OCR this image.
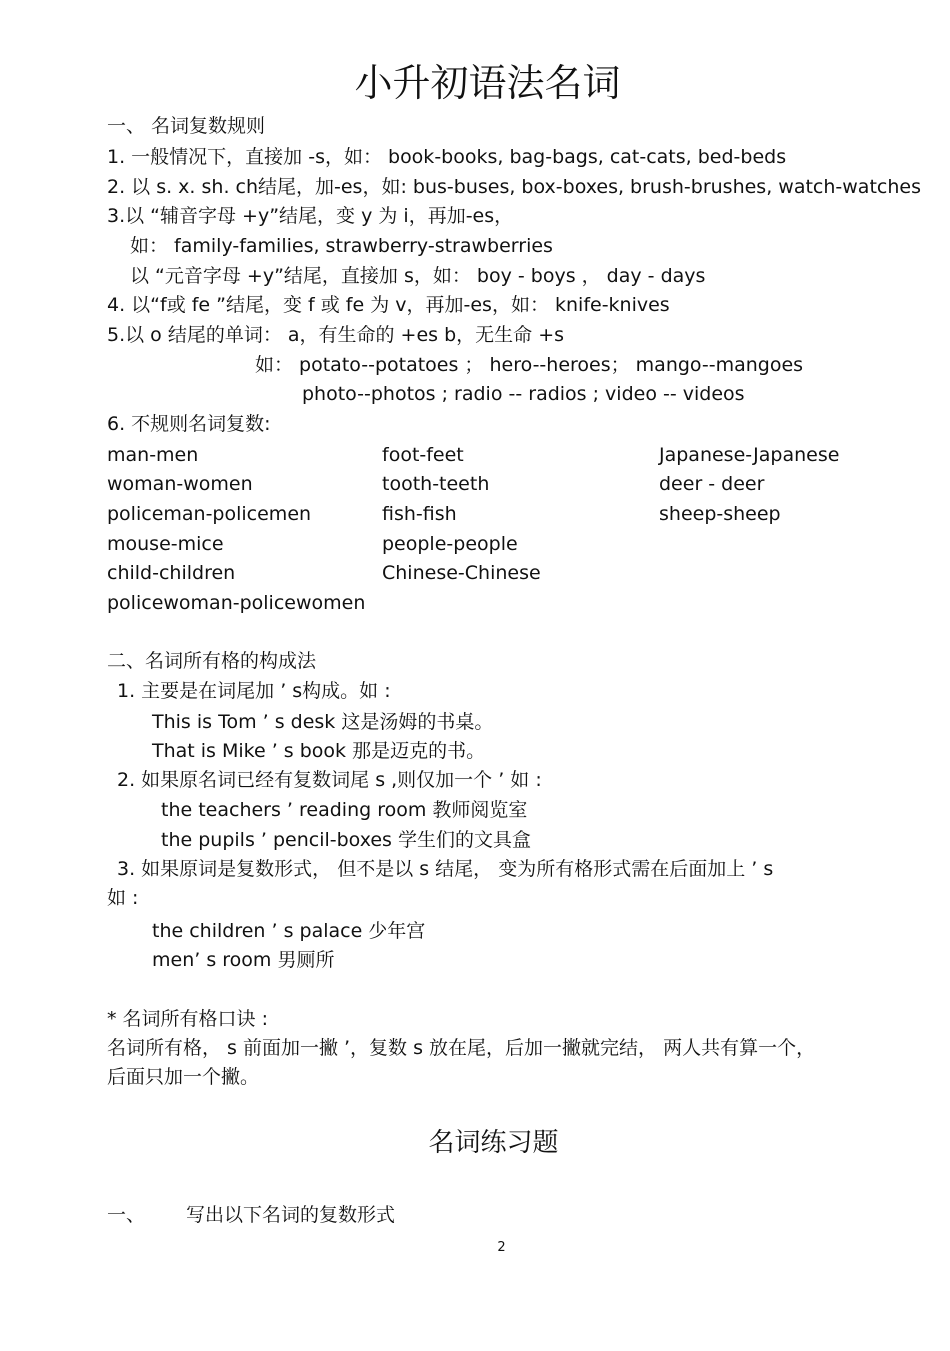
小升初语法名词
一、 名词复数规则
1. 一般情况下，直接加 -s，如： book-books, bag-bags, cat-cats, bed-beds
2. 以 s. x. sh. ch结尾，加-es，如: bus-buses, box-boxes, brush-brushes, watch-watches
3.以 “辅音字母 +y”结尾，变 y 为 i，再加-es，
如： family-families, strawberry-strawberries
以 “元音字母 +y”结尾，直接加 s，如： boy - boys ， day - days
4. 以“f或 fe ”结尾，变 f 或 fe 为 v，再加-es，如： knife-knives
5.以 o 结尾的单词： a，有生命的 +es b，无生命 +s
如： potato--potatoes ； hero--heroes； mango--mangoes
photo--photos ; radio -- radios ; video -- videos
6. 不规则名词复数:
man-men
woman-women
policeman-policemen
mouse-mice
child-children
policewoman-policewomen
foot-feet
tooth-teeth
fish-fish
people-people
Chinese-Chinese
Japanese-Japanese
deer - deer
sheep-sheep
二、名词所有格的构成法
1. 主要是在词尾加 ’ s构成。如 :
This is Tom ’ s desk 这是汤姆的书桌。
That is Mike ’ s book 那是迈克的书。
2. 如果原名词已经有复数词尾 s ,则仅加一个 ’ 如 :
the teachers ’ reading room 教师阅览室
the pupils ’ pencil-boxes 学生们的文具盒
3. 如果原词是复数形式， 但不是以 s 结尾， 变为所有格形式需在后面加上 ’ s
如 :
the children ’ s palace 少年宫
men’ s room 男厕所
* 名词所有格口诀 :
名词所有格， s 前面加一撇 ’，复数 s 放在尾，后加一撇就完结， 两人共有算一个，
后面只加一个撇。
名词练习题
一、 写出以下名词的复数形式
2
